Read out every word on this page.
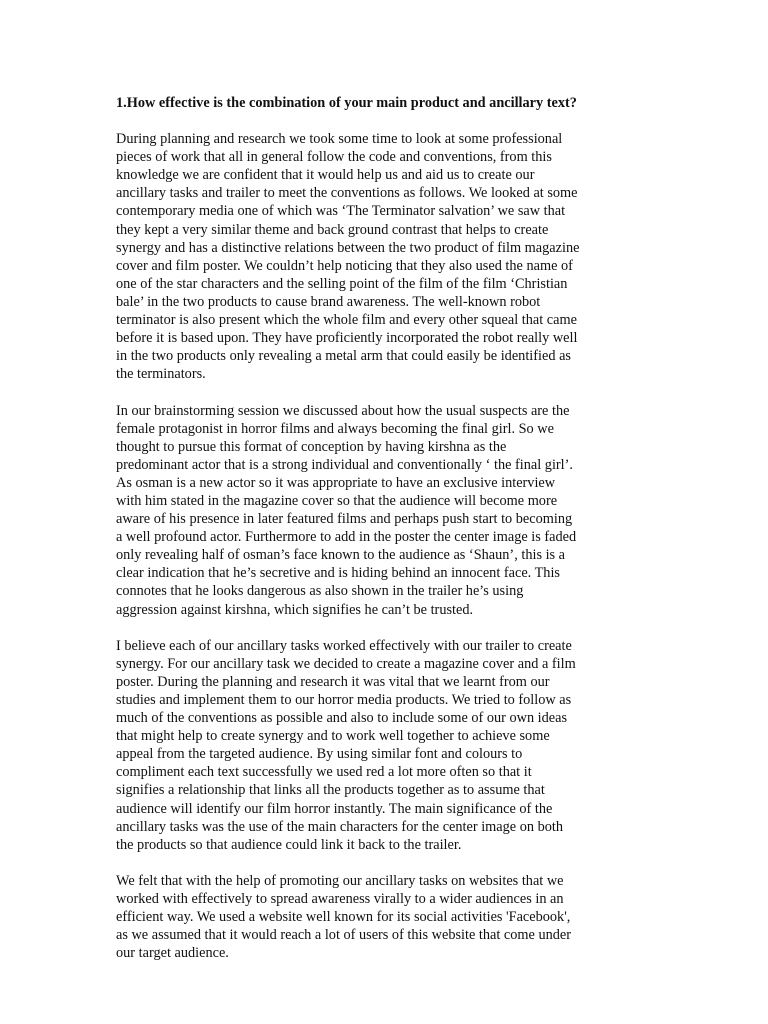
1.How effective is the combination of your main product and ancillary text?
During planning and research we took some time to look at some professional
pieces of work that all in general follow the code and conventions, from this
knowledge we are confident that it would help us and aid us to create our
ancillary tasks and trailer to meet the conventions as follows. We looked at some
contemporary media one of which was ‘The Terminator salvation’ we saw that
they kept a very similar theme and back ground contrast that helps to create
synergy and has a distinctive relations between the two product of film magazine
cover and film poster. We couldn’t help noticing that they also used the name of
one of the star characters and the selling point of the film of the film ‘Christian
bale’ in the two products to cause brand awareness. The well-known robot
terminator is also present which the whole film and every other squeal that came
before it is based upon. They have proficiently incorporated the robot really well
in the two products only revealing a metal arm that could easily be identified as
the terminators.
In our brainstorming session we discussed about how the usual suspects are the
female protagonist in horror films and always becoming the final girl. So we
thought to pursue this format of conception by having kirshna as the
predominant actor that is a strong individual and conventionally ‘ the final girl’.
As osman is a new actor so it was appropriate to have an exclusive interview
with him stated in the magazine cover so that the audience will become more
aware of his presence in later featured films and perhaps push start to becoming
a well profound actor. Furthermore to add in the poster the center image is faded
only revealing half of osman’s face known to the audience as ‘Shaun’, this is a
clear indication that he’s secretive and is hiding behind an innocent face. This
connotes that he looks dangerous as also shown in the trailer he’s using
aggression against kirshna, which signifies he can’t be trusted.
I believe each of our ancillary tasks worked effectively with our trailer to create
synergy. For our ancillary task we decided to create a magazine cover and a film
poster. During the planning and research it was vital that we learnt from our
studies and implement them to our horror media products. We tried to follow as
much of the conventions as possible and also to include some of our own ideas
that might help to create synergy and to work well together to achieve some
appeal from the targeted audience. By using similar font and colours to
compliment each text successfully we used red a lot more often so that it
signifies a relationship that links all the products together as to assume that
audience will identify our film horror instantly. The main significance of the
ancillary tasks was the use of the main characters for the center image on both
the products so that audience could link it back to the trailer.
We felt that with the help of promoting our ancillary tasks on websites that we
worked with effectively to spread awareness virally to a wider audiences in an
efficient way. We used a website well known for its social activities 'Facebook',
as we assumed that it would reach a lot of users of this website that come under
our target audience.
